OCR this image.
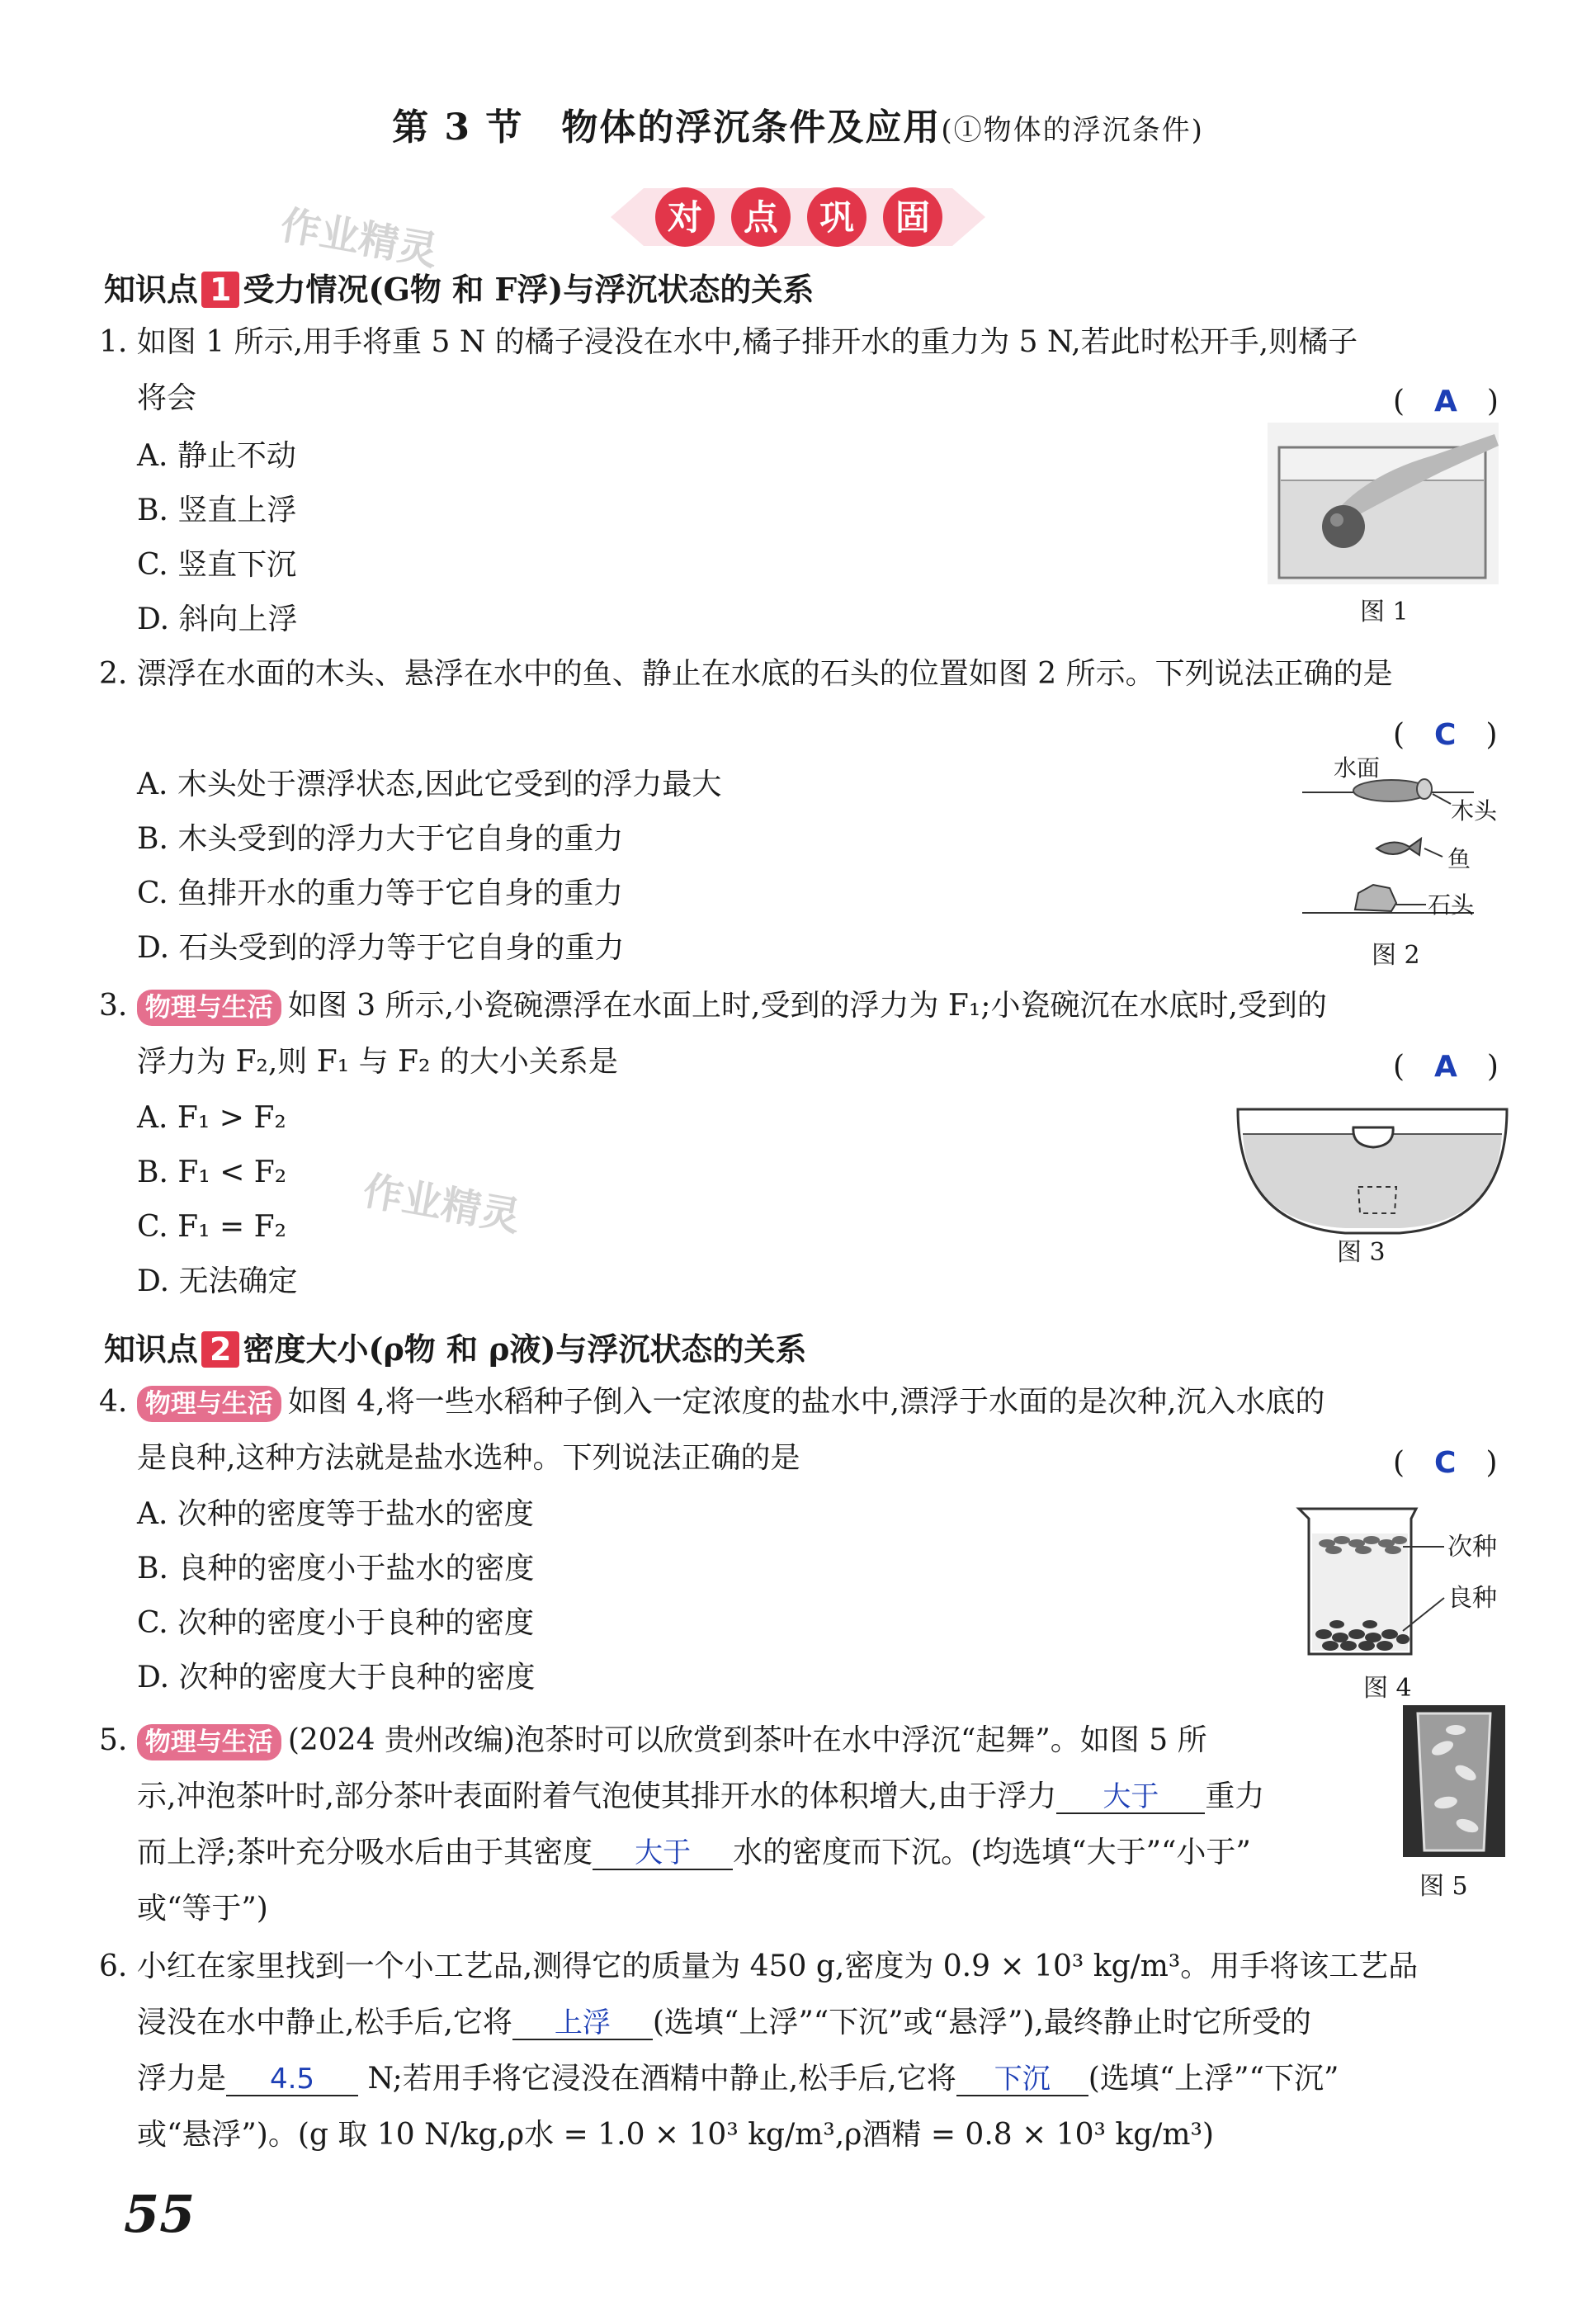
第 3 节　物体的浮沉条件及应用(①物体的浮沉条件)
对 点 巩 固
作业精灵
作业精灵
知识点 1 受力情况(G物 和 F浮)与浮沉状态的关系
1. 如图 1 所示,用手将重 5 N 的橘子浸没在水中,橘子排开水的重力为 5 N,若此时松开手,则橘子
将会	(　A　)
A. 静止不动
B. 竖直上浮
C. 竖直下沉
D. 斜向上浮	图 1
2. 漂浮在水面的木头、悬浮在水中的鱼、静止在水底的石头的位置如图 2 所示。下列说法正确的是
(　C　)
A. 木头处于漂浮状态,因此它受到的浮力最大
B. 木头受到的浮力大于它自身的重力
C. 鱼排开水的重力等于它自身的重力
D. 石头受到的浮力等于它自身的重力
水面
木头
鱼
石头
图 2
3. 物理与生活 如图 3 所示,小瓷碗漂浮在水面上时,受到的浮力为 F₁;小瓷碗沉在水底时,受到的
浮力为 F₂,则 F₁ 与 F₂ 的大小关系是	(　A　)
A. F₁ > F₂
B. F₁ < F₂
C. F₁ = F₂
D. 无法确定
图 3
知识点 2 密度大小(ρ物 和 ρ液)与浮沉状态的关系
4. 物理与生活 如图 4,将一些水稻种子倒入一定浓度的盐水中,漂浮于水面的是次种,沉入水底的
是良种,这种方法就是盐水选种。下列说法正确的是	(　C　)
A. 次种的密度等于盐水的密度
B. 良种的密度小于盐水的密度
C. 次种的密度小于良种的密度
D. 次种的密度大于良种的密度
次种
良种
图 4
5. 物理与生活 (2024 贵州改编)泡茶时可以欣赏到茶叶在水中浮沉“起舞”。如图 5 所
示,冲泡茶叶时,部分茶叶表面附着气泡使其排开水的体积增大,由于浮力 大于 重力
而上浮;茶叶充分吸水后由于其密度 大于 水的密度而下沉。(均选填“大于”“小于”
或“等于”)
图 5
6. 小红在家里找到一个小工艺品,测得它的质量为 450 g,密度为 0.9 × 10³ kg/m³。用手将该工艺品
浸没在水中静止,松手后,它将 上浮 (选填“上浮”“下沉”或“悬浮”),最终静止时它所受的
浮力是 4.5 N;若用手将它浸没在酒精中静止,松手后,它将 下沉 (选填“上浮”“下沉”
或“悬浮”)。(g 取 10 N/kg,ρ水 = 1.0 × 10³ kg/m³,ρ酒精 = 0.8 × 10³ kg/m³)
55
